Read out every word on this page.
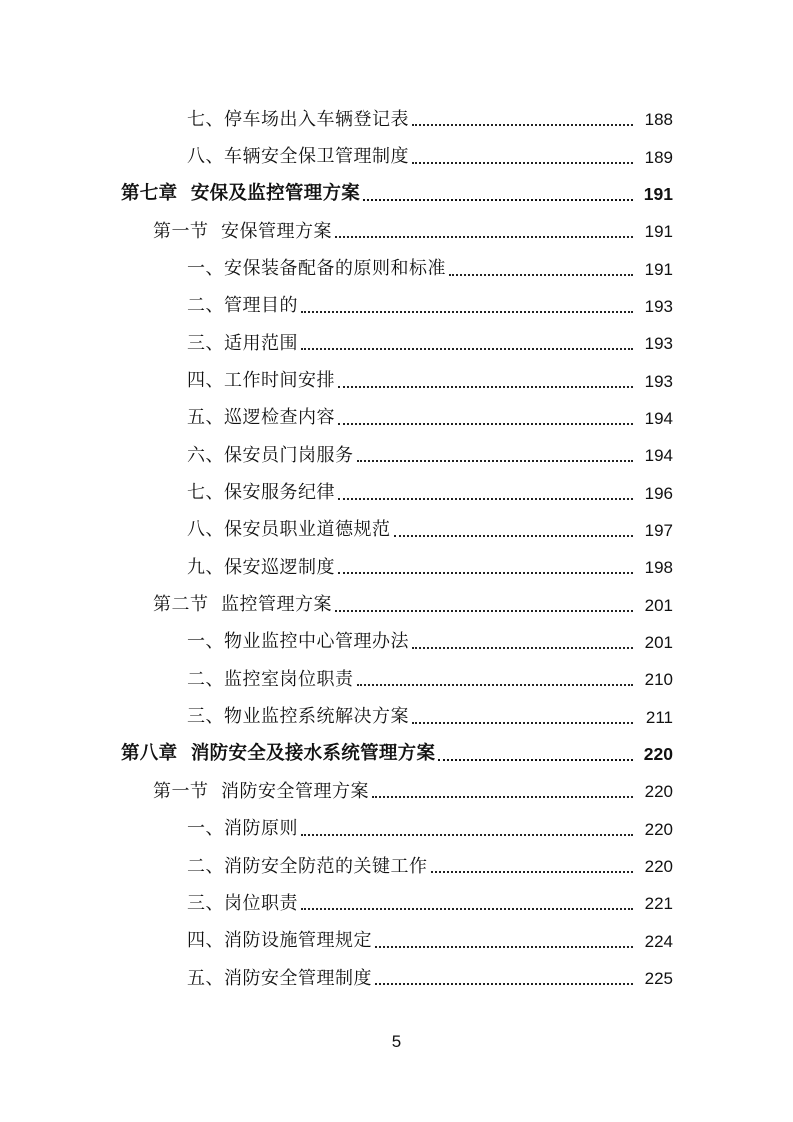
七、停车场出入车辆登记表	188
八、车辆安全保卫管理制度	189
第七章  安保及监控管理方案	191
第一节  安保管理方案	191
一、安保装备配备的原则和标准	191
二、管理目的	193
三、适用范围	193
四、工作时间安排	193
五、巡逻检查内容	194
六、保安员门岗服务	194
七、保安服务纪律	196
八、保安员职业道德规范	197
九、保安巡逻制度	198
第二节  监控管理方案	201
一、物业监控中心管理办法	201
二、监控室岗位职责	210
三、物业监控系统解决方案	211
第八章  消防安全及接水系统管理方案	220
第一节  消防安全管理方案	220
一、消防原则	220
二、消防安全防范的关键工作	220
三、岗位职责	221
四、消防设施管理规定	224
五、消防安全管理制度	225
5
